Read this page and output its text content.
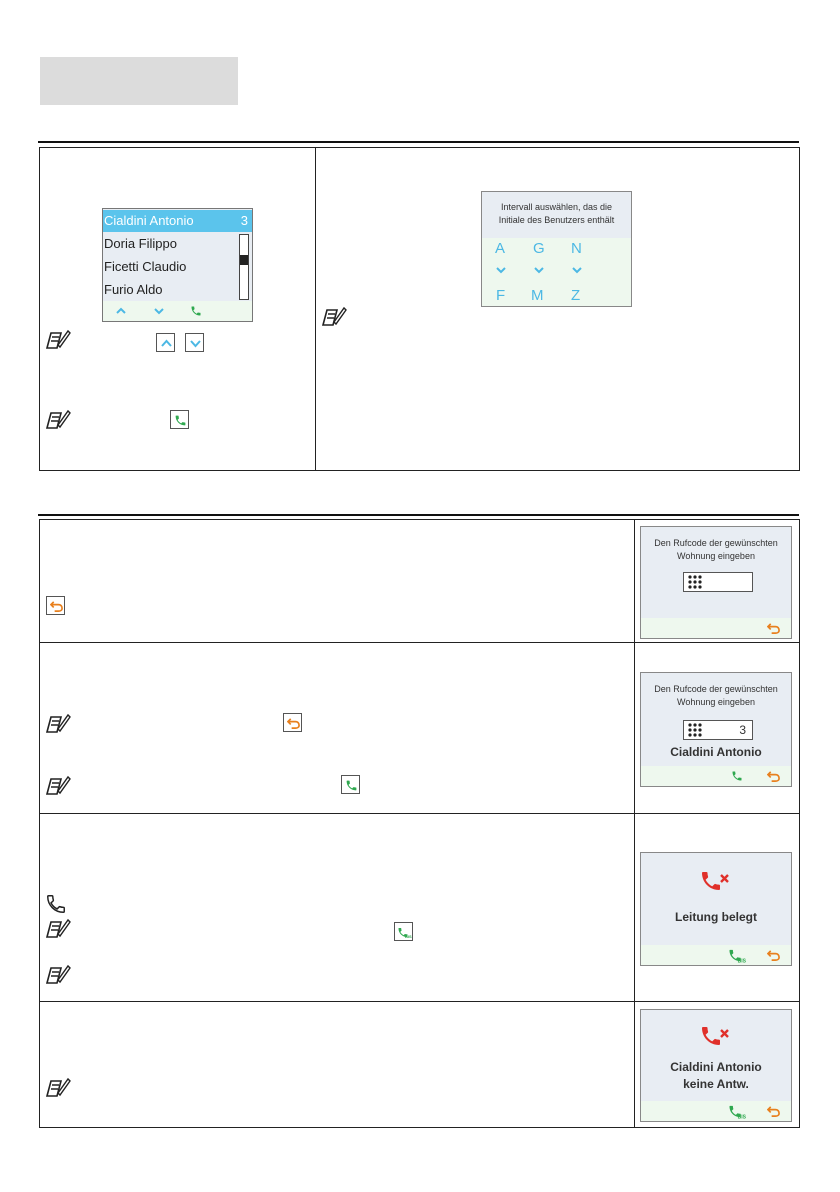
Cialdini Antonio	3
Doria Filippo
Ficetti Claudio
Furio Aldo
Intervall auswählen, das die
Initiale des Benutzers enthält
A G N
F M Z
Den Rufcode der gewünschten
Wohnung eingeben
Den Rufcode der gewünschten
Wohnung eingeben
3
Cialdini Antonio
BIS
Leitung belegt
BIS
Cialdini Antonio
keine Antw.
BIS
